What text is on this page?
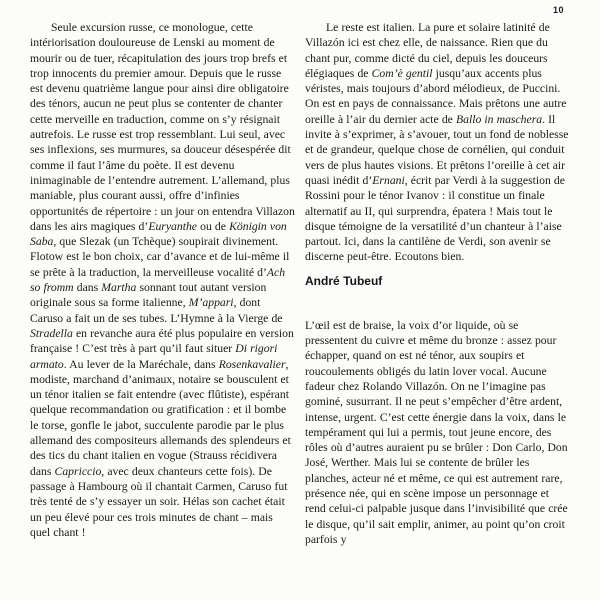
10

Seule excursion russe, ce monologue, cette intériorisation douloureuse de Lenski au moment de mourir ou de tuer, récapitulation des jours trop brefs et trop innocents du premier amour. Depuis que le russe est devenu quatrième langue pour ainsi dire obligatoire des ténors, aucun ne peut plus se contenter de chanter cette merveille en traduction, comme on s’y résignait autrefois. Le russe est trop ressemblant. Lui seul, avec ses inflexions, ses murmures, sa douceur désespérée dit comme il faut l’âme du poète. Il est devenu inimaginable de l’entendre autrement. L’allemand, plus maniable, plus courant aussi, offre d’infinies opportunités de répertoire : un jour on entendra Villazon dans les airs magiques d’Euryanthe ou de Königin von Saba, que Slezak (un Tchèque) soupirait divinement. Flotow est le bon choix, car d’avance et de lui-même il se prête à la traduction, la merveilleuse vocalité d’Ach so fromm dans Martha sonnant tout autant version originale sous sa forme italienne, M’appari, dont Caruso a fait un de ses tubes. L’Hymne à la Vierge de Stradella en revanche aura été plus populaire en version française ! C’est très à part qu’il faut situer Di rigori armato. Au lever de la Maréchale, dans Rosenkavalier, modiste, marchand d’animaux, notaire se bousculent et un ténor italien se fait entendre (avec flûtiste), espérant quelque recommandation ou gratification : et il bombe le torse, gonfle le jabot, succulente parodie par le plus allemand des compositeurs allemands des splendeurs et des tics du chant italien en vogue (Strauss récidivera dans Capriccio, avec deux chanteurs cette fois). De passage à Hambourg où il chantait Carmen, Caruso fut très tenté de s’y essayer un soir. Hélas son cachet était un peu élevé pour ces trois minutes de chant – mais quel chant !

Le reste est italien. La pure et solaire latinité de Villazón ici est chez elle, de naissance. Rien que du chant pur, comme dicté du ciel, depuis les douceurs élégiaques de Com’è gentil jusqu’aux accents plus véristes, mais toujours d’abord mélodieux, de Puccini. On est en pays de connaissance. Mais prêtons une autre oreille à l’air du dernier acte de Ballo in maschera. Il invite à s’exprimer, à s’avouer, tout un fond de noblesse et de grandeur, quelque chose de cornélien, qui conduit vers de plus hautes visions. Et prêtons l’oreille à cet air quasi inédit d’Ernani, écrit par Verdi à la suggestion de Rossini pour le ténor Ivanov : il constitue un finale alternatif au II, qui surprendra, épatera ! Mais tout le disque témoigne de la versatilité d’un chanteur à l’aise partout. Ici, dans la cantilène de Verdi, son avenir se discerne peut-être. Ecoutons bien.

André Tubeuf

L’œil est de braise, la voix d’or liquide, où se pressentent du cuivre et même du bronze : assez pour échapper, quand on est né ténor, aux soupirs et roucoulements obligés du latin lover vocal. Aucune fadeur chez Rolando Villazón. On ne l’imagine pas gominé, susurrant. Il ne peut s’empêcher d’être ardent, intense, urgent. C’est cette énergie dans la voix, dans le tempérament qui lui a permis, tout jeune encore, des rôles où d’autres auraient pu se brûler : Don Carlo, Don José, Werther. Mais lui se contente de brûler les planches, acteur né et même, ce qui est autrement rare, présence née, qui en scène impose un personnage et rend celui-ci palpable jusque dans l’invisibilité que crée le disque, qu’il sait emplir, animer, au point qu’on croit parfois y
